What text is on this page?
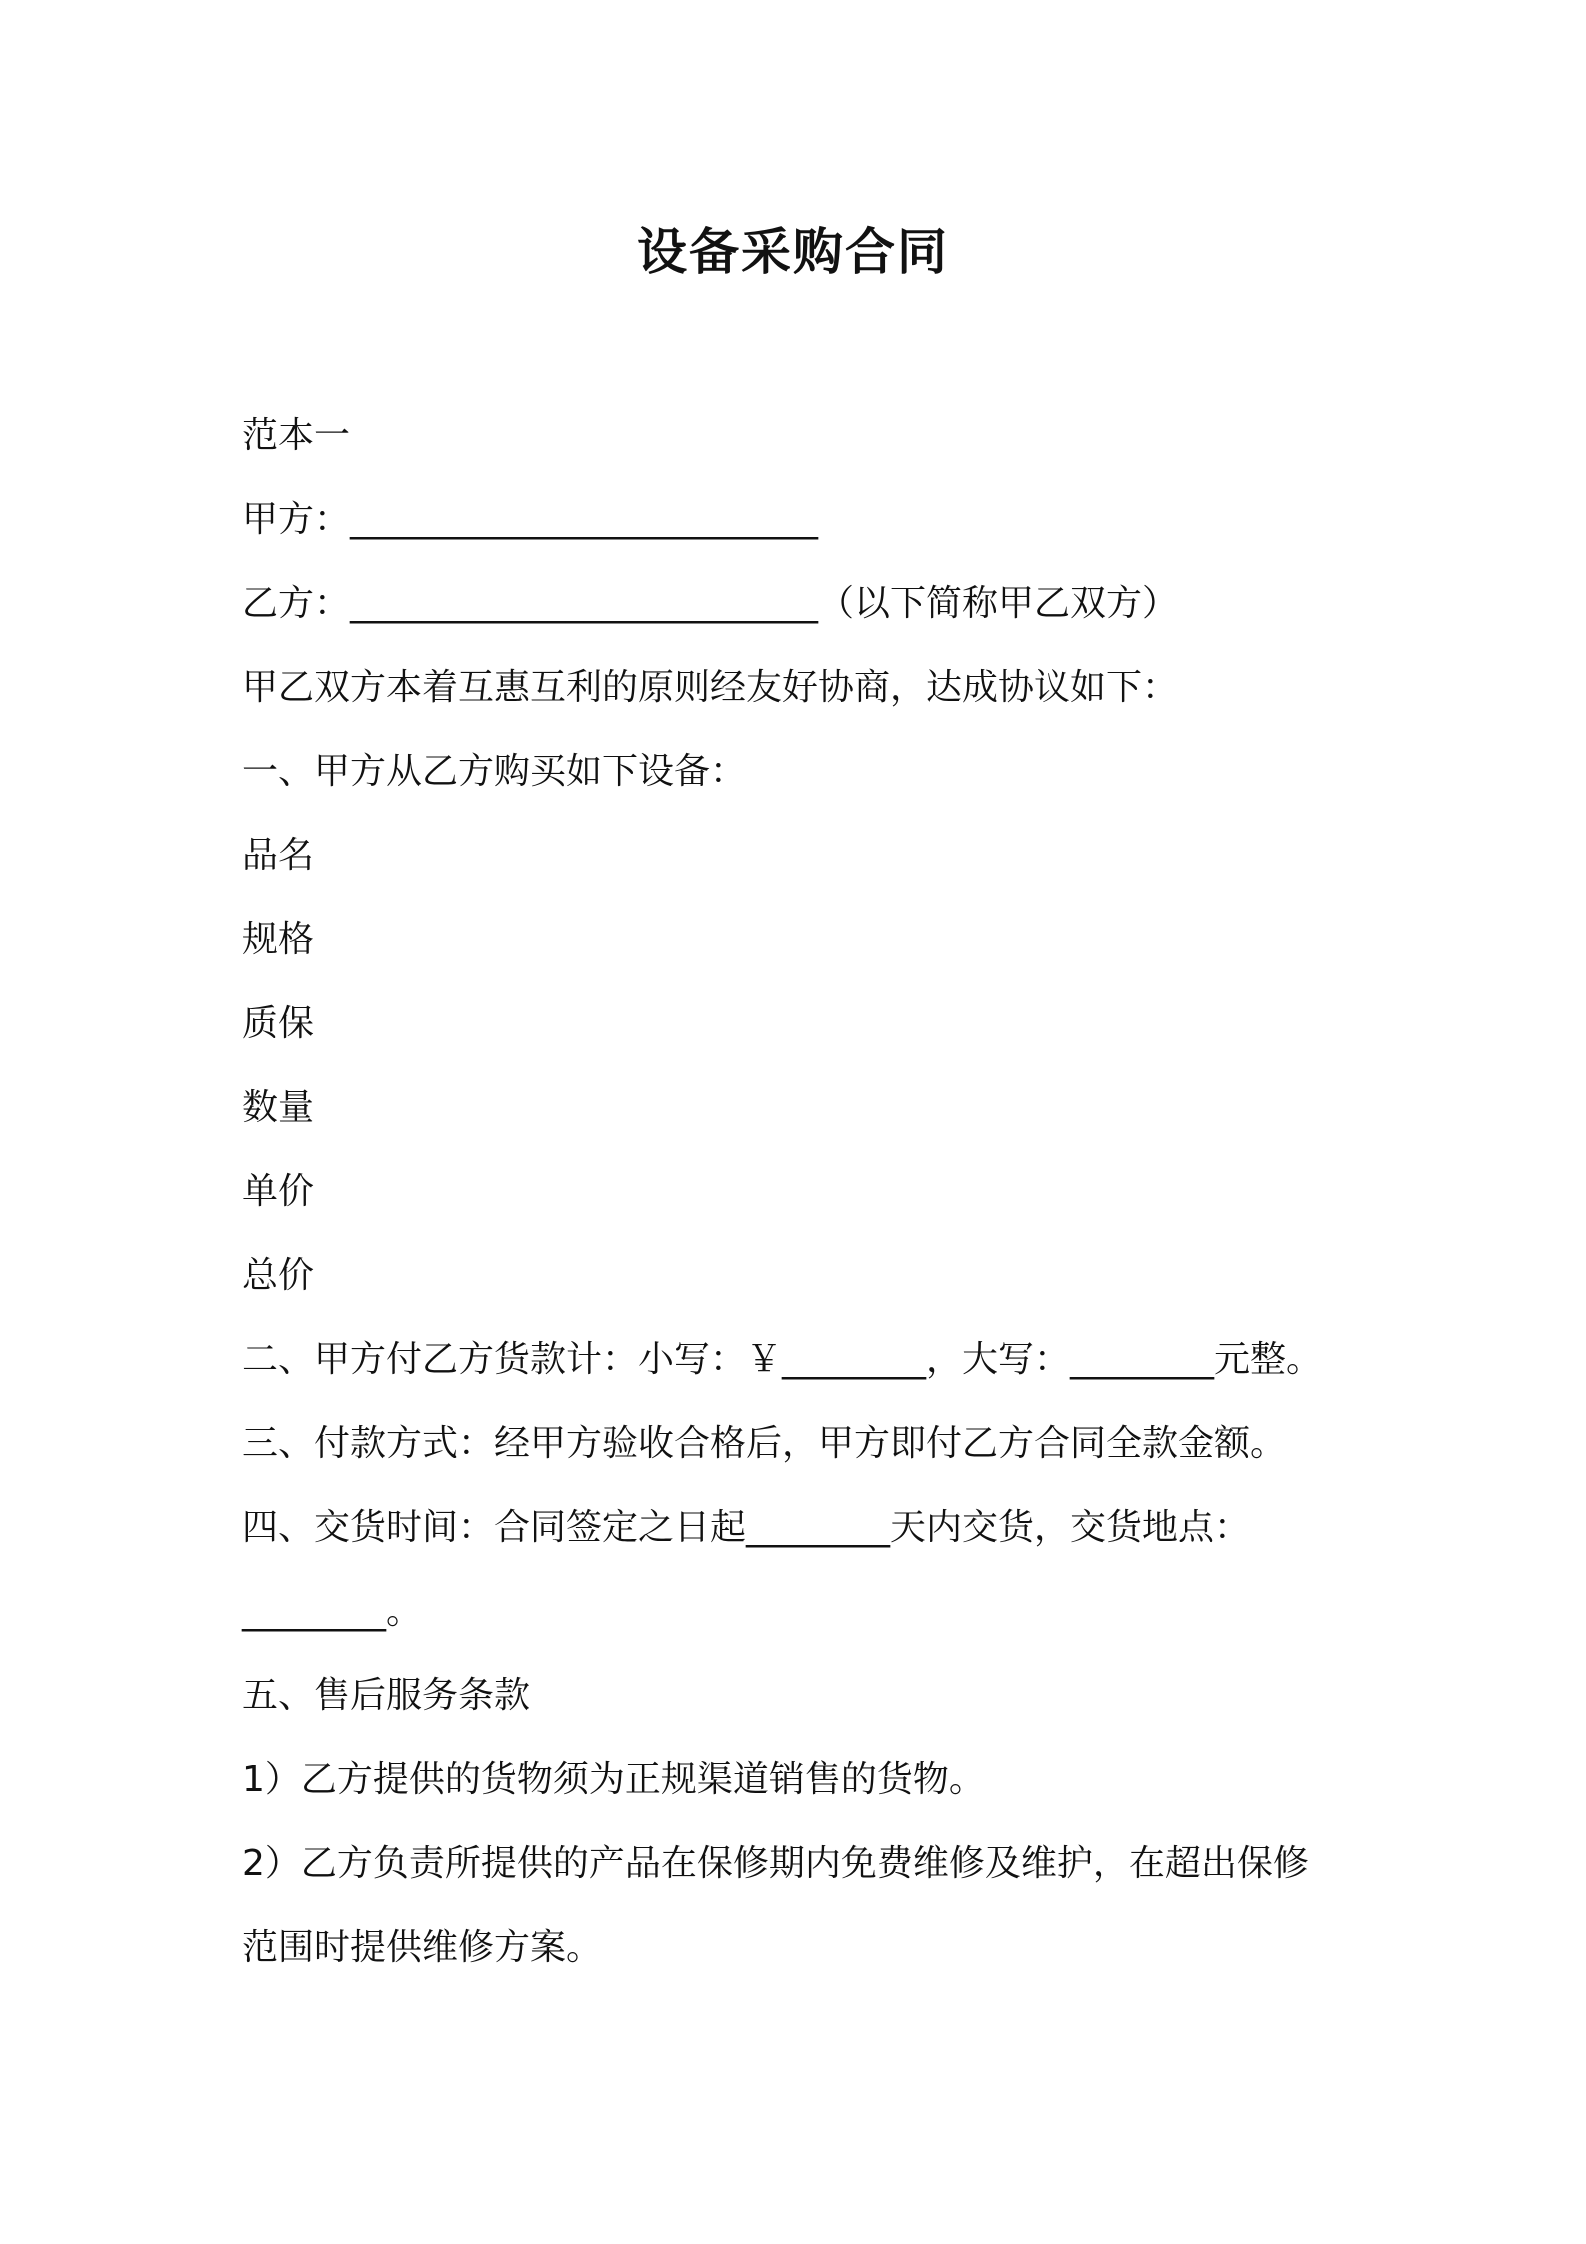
设备采购合同

范本一

甲方：__________________________

乙方：__________________________（以下简称甲乙双方）

甲乙双方本着互惠互利的原则经友好协商，达成协议如下：

一、甲方从乙方购买如下设备：

品名

规格

质保

数量

单价

总价

二、甲方付乙方货款计：小写：￥________，大写：________元整。

三、付款方式：经甲方验收合格后，甲方即付乙方合同全款金额。

四、交货时间：合同签定之日起________天内交货，交货地点：

________。

五、售后服务条款

1）乙方提供的货物须为正规渠道销售的货物。

2）乙方负责所提供的产品在保修期内免费维修及维护，在超出保修

范围时提供维修方案。
